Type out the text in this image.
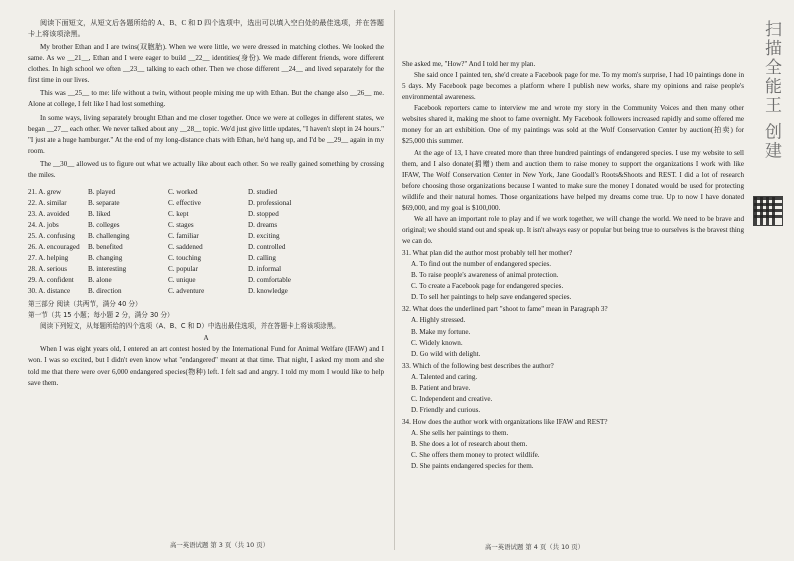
阅读下面短文，从短文后各题所给的 A、B、C 和 D 四个选项中，选出可以填入空白处的最佳选项，并在答题卡上将该项涂黑。

My brother Ethan and I are twins(双胞胎). When we were little, we were dressed in matching clothes. We looked the same. As we __21__, Ethan and I were eager to build __22__ identities(身份). We made different friends, wore different clothes. In high school we often __23__ talking to each other. Then we chose different __24__ and lived separately for the first time in our lives.

This was __25__ to me: life without a twin, without people mixing me up with Ethan. But the change also __26__ me. Alone at college, I felt like I had lost something.

In some ways, living separately brought Ethan and me closer together. Once we were at colleges in different states, we began __27__ each other. We never talked about any __28__ topic. We'd just give little updates, "I haven't slept in 24 hours." "I just ate a huge hamburger." At the end of my long-distance chats with Ethan, he'd hang up, and I'd be __29__ again in my room.

The __30__ allowed us to figure out what we actually like about each other. So we really gained something by crossing the miles.

21. A. grew	B. played	C. worked	D. studied
22. A. similar	B. separate	C. effective	D. professional
23. A. avoided	B. liked	C. kept	D. stopped
24. A. jobs	B. colleges	C. stages	D. dreams
25. A. confusing	B. challenging	C. familiar	D. exciting
26. A. encouraged	B. benefited	C. saddened	D. controlled
27. A. helping	B. changing	C. touching	D. calling
28. A. serious	B. interesting	C. popular	D. informal
29. A. confident	B. alone	C. unique	D. comfortable
30. A. distance	B. direction	C. adventure	D. knowledge

第三部分 阅读（共两节，满分 40 分）

第一节（共 15 小题；每小题 2 分，满分 30 分）

阅读下列短文，从每题所给的四个选项（A、B、C 和 D）中选出最佳选项，并在答题卡上将该项涂黑。

A

When I was eight years old, I entered an art contest hosted by the International Fund for Animal Welfare (IFAW) and I won. I was so excited, but I didn't even know what "endangered" meant at that time. That night, I asked my mom and she told me that there were over 6,000 endangered species(物种) left. I felt sad and angry. I told my mom I would like to help save them.

高一英语试题 第 3 页（共 10 页）

She asked me, "How?" And I told her my plan.

She said once I painted ten, she'd create a Facebook page for me. To my mom's surprise, I had 10 paintings done in 5 days. My Facebook page becomes a platform where I publish new works, share my opinions and raise people's environmental awareness.

Facebook reporters came to interview me and wrote my story in the Community Voices and then many other websites shared it, making me shoot to fame overnight. My Facebook followers increased rapidly and some offered me money for an art exhibition. One of my paintings was sold at the Wolf Conservation Center by auction(拍卖) for $25,000 this summer.

At the age of 13, I have created more than three hundred paintings of endangered species. I use my website to sell them, and I also donate(捐赠) them and auction them to raise money to support the organizations I work with like IFAW, The Wolf Conservation Center in New York, Jane Goodall's Roots&Shoots and REST. I did a lot of research before choosing those organizations because I wanted to make sure the money I donated would be used for protecting wildlife and their natural homes. Those organizations have helped my dreams come true. Up to now I have donated $69,000, and my goal is $100,000.

We all have an important role to play and if we work together, we will change the world. We need to be brave and original; we should stand out and speak up. It isn't always easy or popular but being true to ourselves is the bravest thing we can do.

31. What plan did the author most probably tell her mother?

A. To find out the number of endangered species.
B. To raise people's awareness of animal protection.
C. To create a Facebook page for endangered species.
D. To sell her paintings to help save endangered species.

32. What does the underlined part "shoot to fame" mean in Paragraph 3?

A. Highly stressed.
B. Make my fortune.
C. Widely known.
D. Go wild with delight.

33. Which of the following best describes the author?

A. Talented and caring.
B. Patient and brave.
C. Independent and creative.
D. Friendly and curious.

34. How does the author work with organizations like IFAW and REST?

A. She sells her paintings to them.
B. She does a lot of research about them.
C. She offers them money to protect wildlife.
D. She paints endangered species for them.
高一英语试题 第 4 页（共 10 页）
扫描全能王 创建
